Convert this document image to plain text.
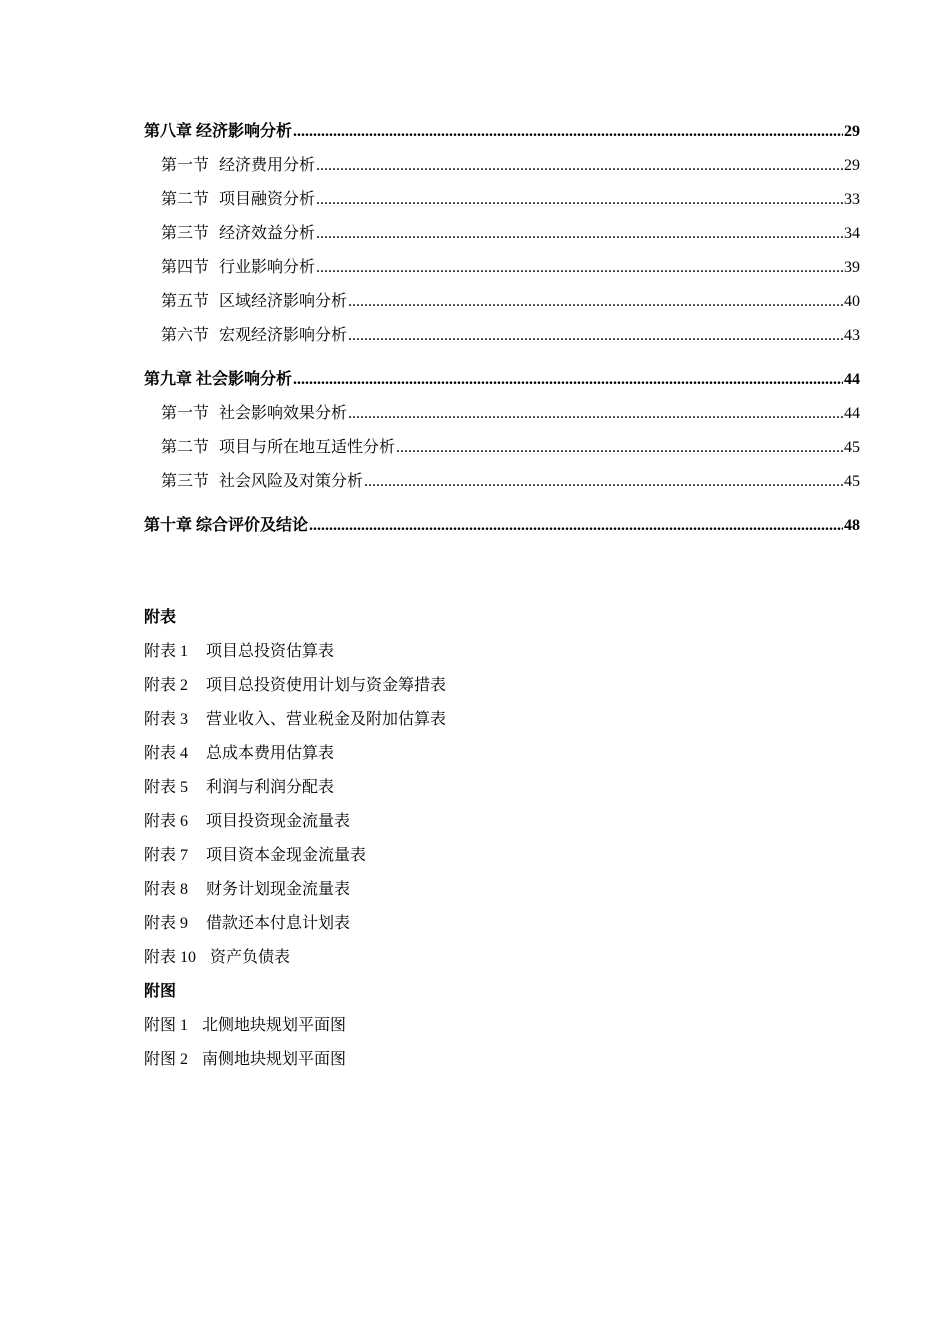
第八章 经济影响分析 .....	29
第一节 经济费用分析 .....	29
第二节 项目融资分析 .....	33
第三节 经济效益分析 .....	34
第四节 行业影响分析 .....	39
第五节 区域经济影响分析 .....	40
第六节 宏观经济影响分析 .....	43
第九章 社会影响分析 .....	44
第一节 社会影响效果分析 .....	44
第二节 项目与所在地互适性分析 .....	45
第三节 社会风险及对策分析 .....	45
第十章 综合评价及结论 .....	48
附表
附表 1 项目总投资估算表
附表 2 项目总投资使用计划与资金筹措表
附表 3 营业收入、营业税金及附加估算表
附表 4 总成本费用估算表
附表 5 利润与利润分配表
附表 6 项目投资现金流量表
附表 7 项目资本金现金流量表
附表 8 财务计划现金流量表
附表 9 借款还本付息计划表
附表 10 资产负债表
附图
附图 1 北侧地块规划平面图
附图 2 南侧地块规划平面图
